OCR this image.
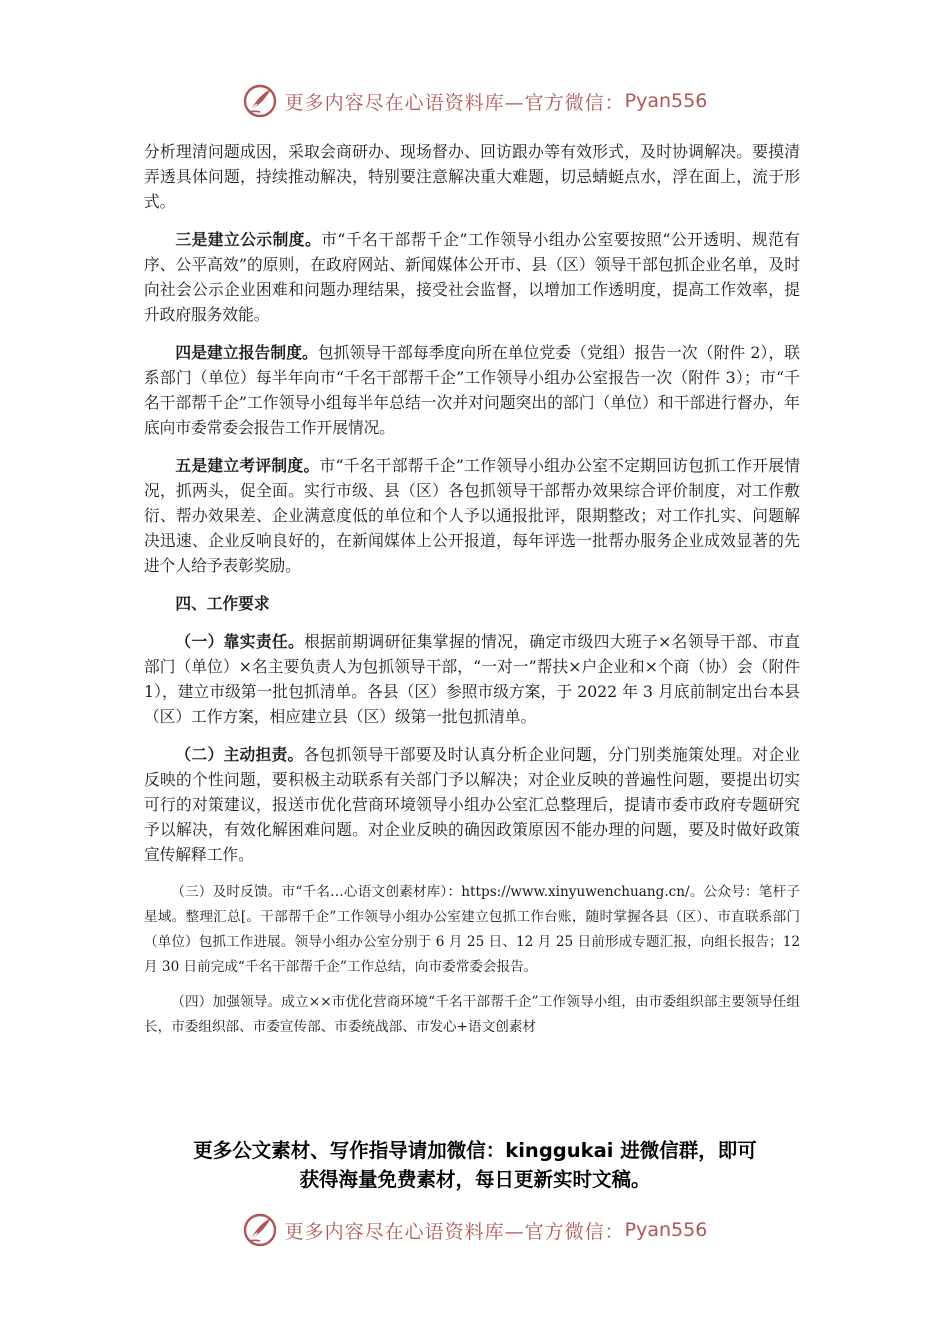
更多内容尽在心语资料库—官方微信： Pyan556

分析理清问题成因，采取会商研办、现场督办、回访跟办等有效形式，及时协调解决。要摸清弄透具体问题，持续推动解决，特别要注意解决重大难题，切忌蜻蜓点水，浮在面上，流于形式。

三是建立公示制度。市“千名干部帮千企”工作领导小组办公室要按照“公开透明、规范有序、公平高效”的原则，在政府网站、新闻媒体公开市、县（区）领导干部包抓企业名单，及时向社会公示企业困难和问题办理结果，接受社会监督，以增加工作透明度，提高工作效率，提升政府服务效能。

四是建立报告制度。包抓领导干部每季度向所在单位党委（党组）报告一次（附件 2），联系部门（单位）每半年向市“千名干部帮千企”工作领导小组办公室报告一次（附件 3）；市“千名干部帮千企”工作领导小组每半年总结一次并对问题突出的部门（单位）和干部进行督办，年底向市委常委会报告工作开展情况。

五是建立考评制度。市“千名干部帮千企”工作领导小组办公室不定期回访包抓工作开展情况，抓两头，促全面。实行市级、县（区）各包抓领导干部帮办效果综合评价制度，对工作敷衍、帮办效果差、企业满意度低的单位和个人予以通报批评，限期整改；对工作扎实、问题解决迅速、企业反响良好的，在新闻媒体上公开报道，每年评选一批帮办服务企业成效显著的先进个人给予表彰奖励。

四、工作要求

（一）靠实责任。根据前期调研征集掌握的情况，确定市级四大班子×名领导干部、市直部门（单位）×名主要负责人为包抓领导干部，“一对一”帮扶×户企业和×个商（协）会（附件 1），建立市级第一批包抓清单。各县（区）参照市级方案，于 2022 年 3 月底前制定出台本县（区）工作方案，相应建立县（区）级第一批包抓清单。

（二）主动担责。各包抓领导干部要及时认真分析企业问题，分门别类施策处理。对企业反映的个性问题，要积极主动联系有关部门予以解决；对企业反映的普遍性问题，要提出切实可行的对策建议，报送市优化营商环境领导小组办公室汇总整理后，提请市委市政府专题研究予以解决，有效化解困难问题。对企业反映的确因政策原因不能办理的问题，要及时做好政策宣传解释工作。

（三）及时反馈。市“千名…心语文创素材库）：https://www.xinyuwenchuang.cn/。公众号：笔杆子星域。整理汇总[。干部帮千企”工作领导小组办公室建立包抓工作台账，随时掌握各县（区）、市直联系部门（单位）包抓工作进展。领导小组办公室分别于 6 月 25 日、12 月 25 日前形成专题汇报，向组长报告；12 月 30 日前完成“千名干部帮千企”工作总结，向市委常委会报告。

（四）加强领导。成立××市优化营商环境“千名干部帮千企”工作领导小组，由市委组织部主要领导任组长，市委组织部、市委宣传部、市委统战部、市发心+语文创素材

更多公文素材、写作指导请加微信：kinggukai 进微信群，即可
获得海量免费素材，每日更新实时文稿。
更多内容尽在心语资料库—官方微信： Pyan556
